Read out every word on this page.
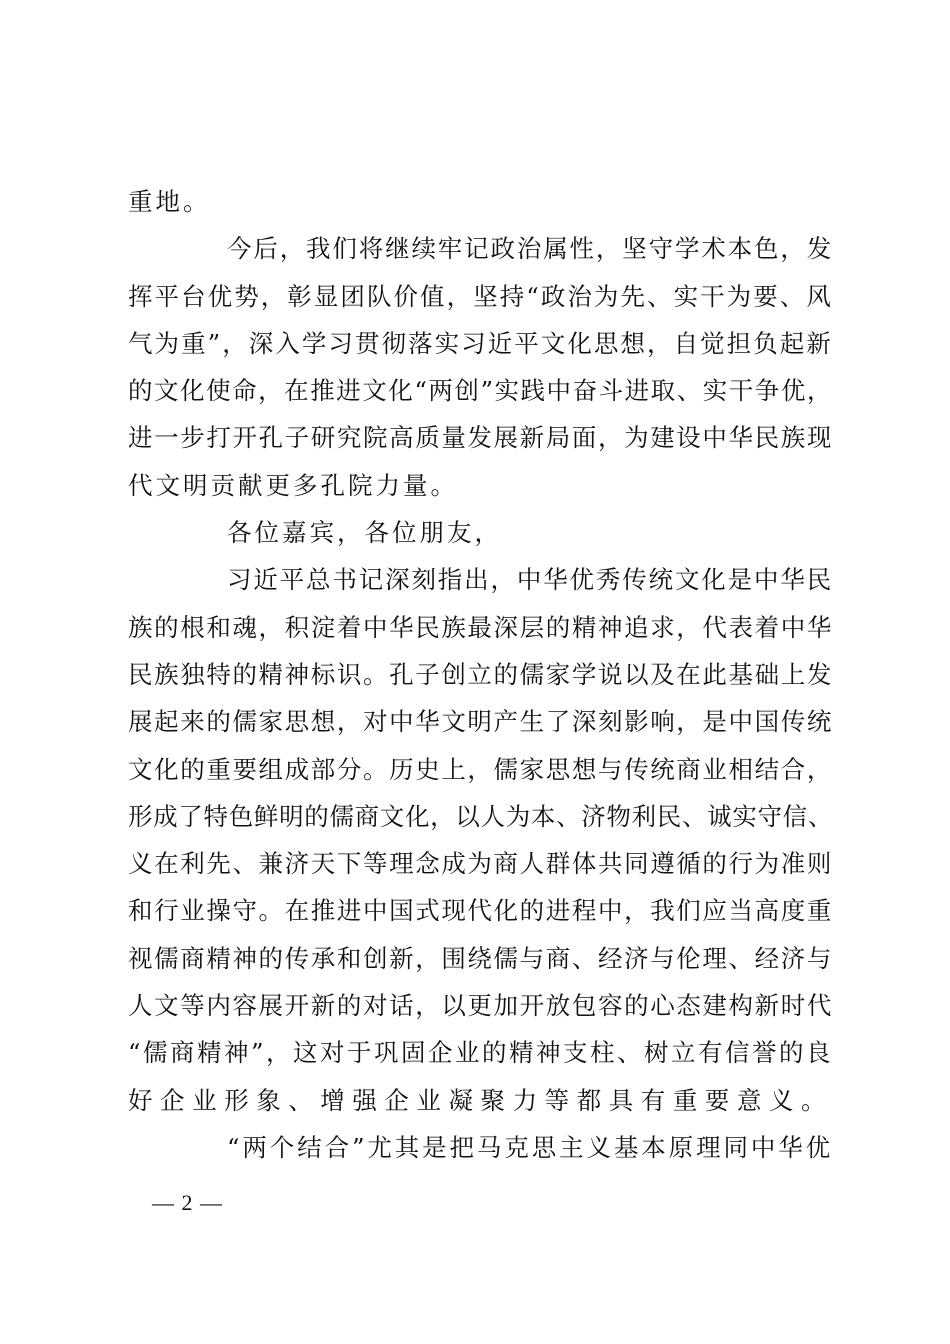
重地。
今后，我们将继续牢记政治属性，坚守学术本色，发
挥平台优势，彰显团队价值，坚持“政治为先、实干为要、风
气为重”，深入学习贯彻落实习近平文化思想，自觉担负起新
的文化使命，在推进文化“两创”实践中奋斗进取、实干争优，
进一步打开孔子研究院高质量发展新局面，为建设中华民族现
代文明贡献更多孔院力量。
各位嘉宾，各位朋友，
习近平总书记深刻指出，中华优秀传统文化是中华民
族的根和魂，积淀着中华民族最深层的精神追求，代表着中华
民族独特的精神标识。孔子创立的儒家学说以及在此基础上发
展起来的儒家思想，对中华文明产生了深刻影响，是中国传统
文化的重要组成部分。历史上，儒家思想与传统商业相结合，
形成了特色鲜明的儒商文化，以人为本、济物利民、诚实守信、
义在利先、兼济天下等理念成为商人群体共同遵循的行为准则
和行业操守。在推进中国式现代化的进程中，我们应当高度重
视儒商精神的传承和创新，围绕儒与商、经济与伦理、经济与
人文等内容展开新的对话，以更加开放包容的心态建构新时代
“儒商精神”，这对于巩固企业的精神支柱、树立有信誉的良
好企业形象、增强企业凝聚力等都具有重要意义。
“两个结合”尤其是把马克思主义基本原理同中华优
— 2 —
